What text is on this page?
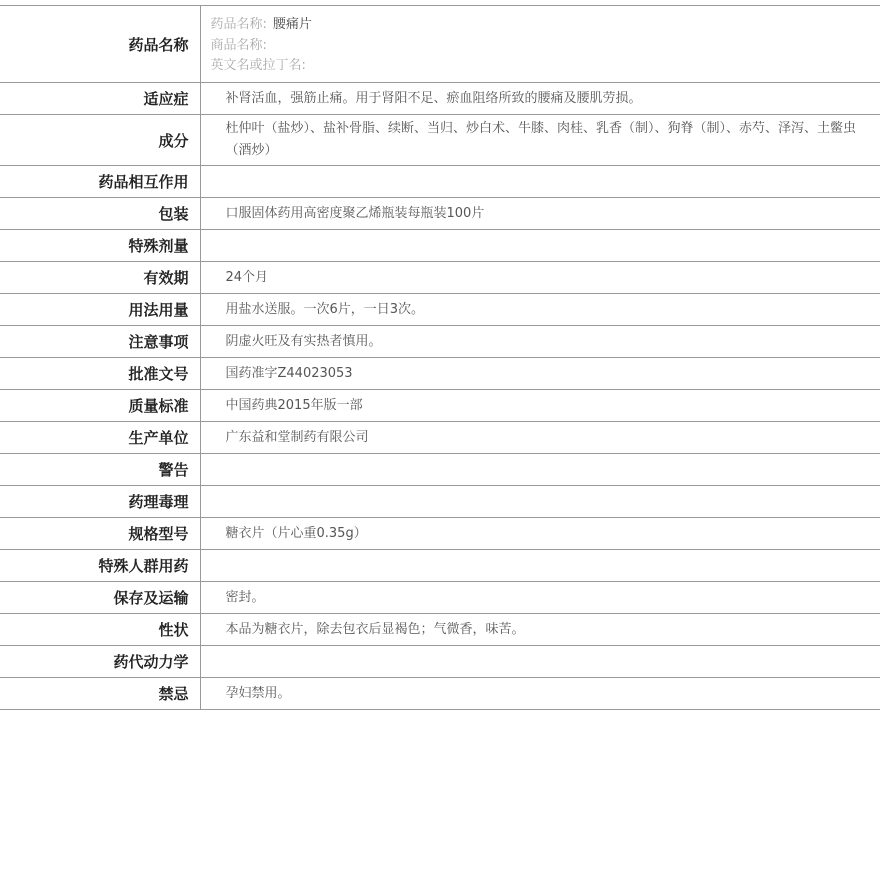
药品名称	药品名称: 腰痛片
商品名称:
英文名或拉丁名:

适应症	补肾活血，强筋止痛。用于肾阳不足、瘀血阻络所致的腰痛及腰肌劳损。
成分	杜仲叶（盐炒）、盐补骨脂、续断、当归、炒白术、牛膝、肉桂、乳香（制）、狗脊（制）、赤芍、泽泻、土鳖虫（酒炒）
药品相互作用	
包装	口服固体药用高密度聚乙烯瓶装每瓶装100片
特殊剂量	
有效期	24个月
用法用量	用盐水送服。一次6片，一日3次。
注意事项	阴虚火旺及有实热者慎用。
批准文号	国药准字Z44023053
质量标准	中国药典2015年版一部
生产单位	广东益和堂制药有限公司
警告	
药理毒理	
规格型号	糖衣片（片心重0.35g）
特殊人群用药	
保存及运输	密封。
性状	本品为糖衣片，除去包衣后显褐色；气微香，味苦。
药代动力学	
禁忌	孕妇禁用。
